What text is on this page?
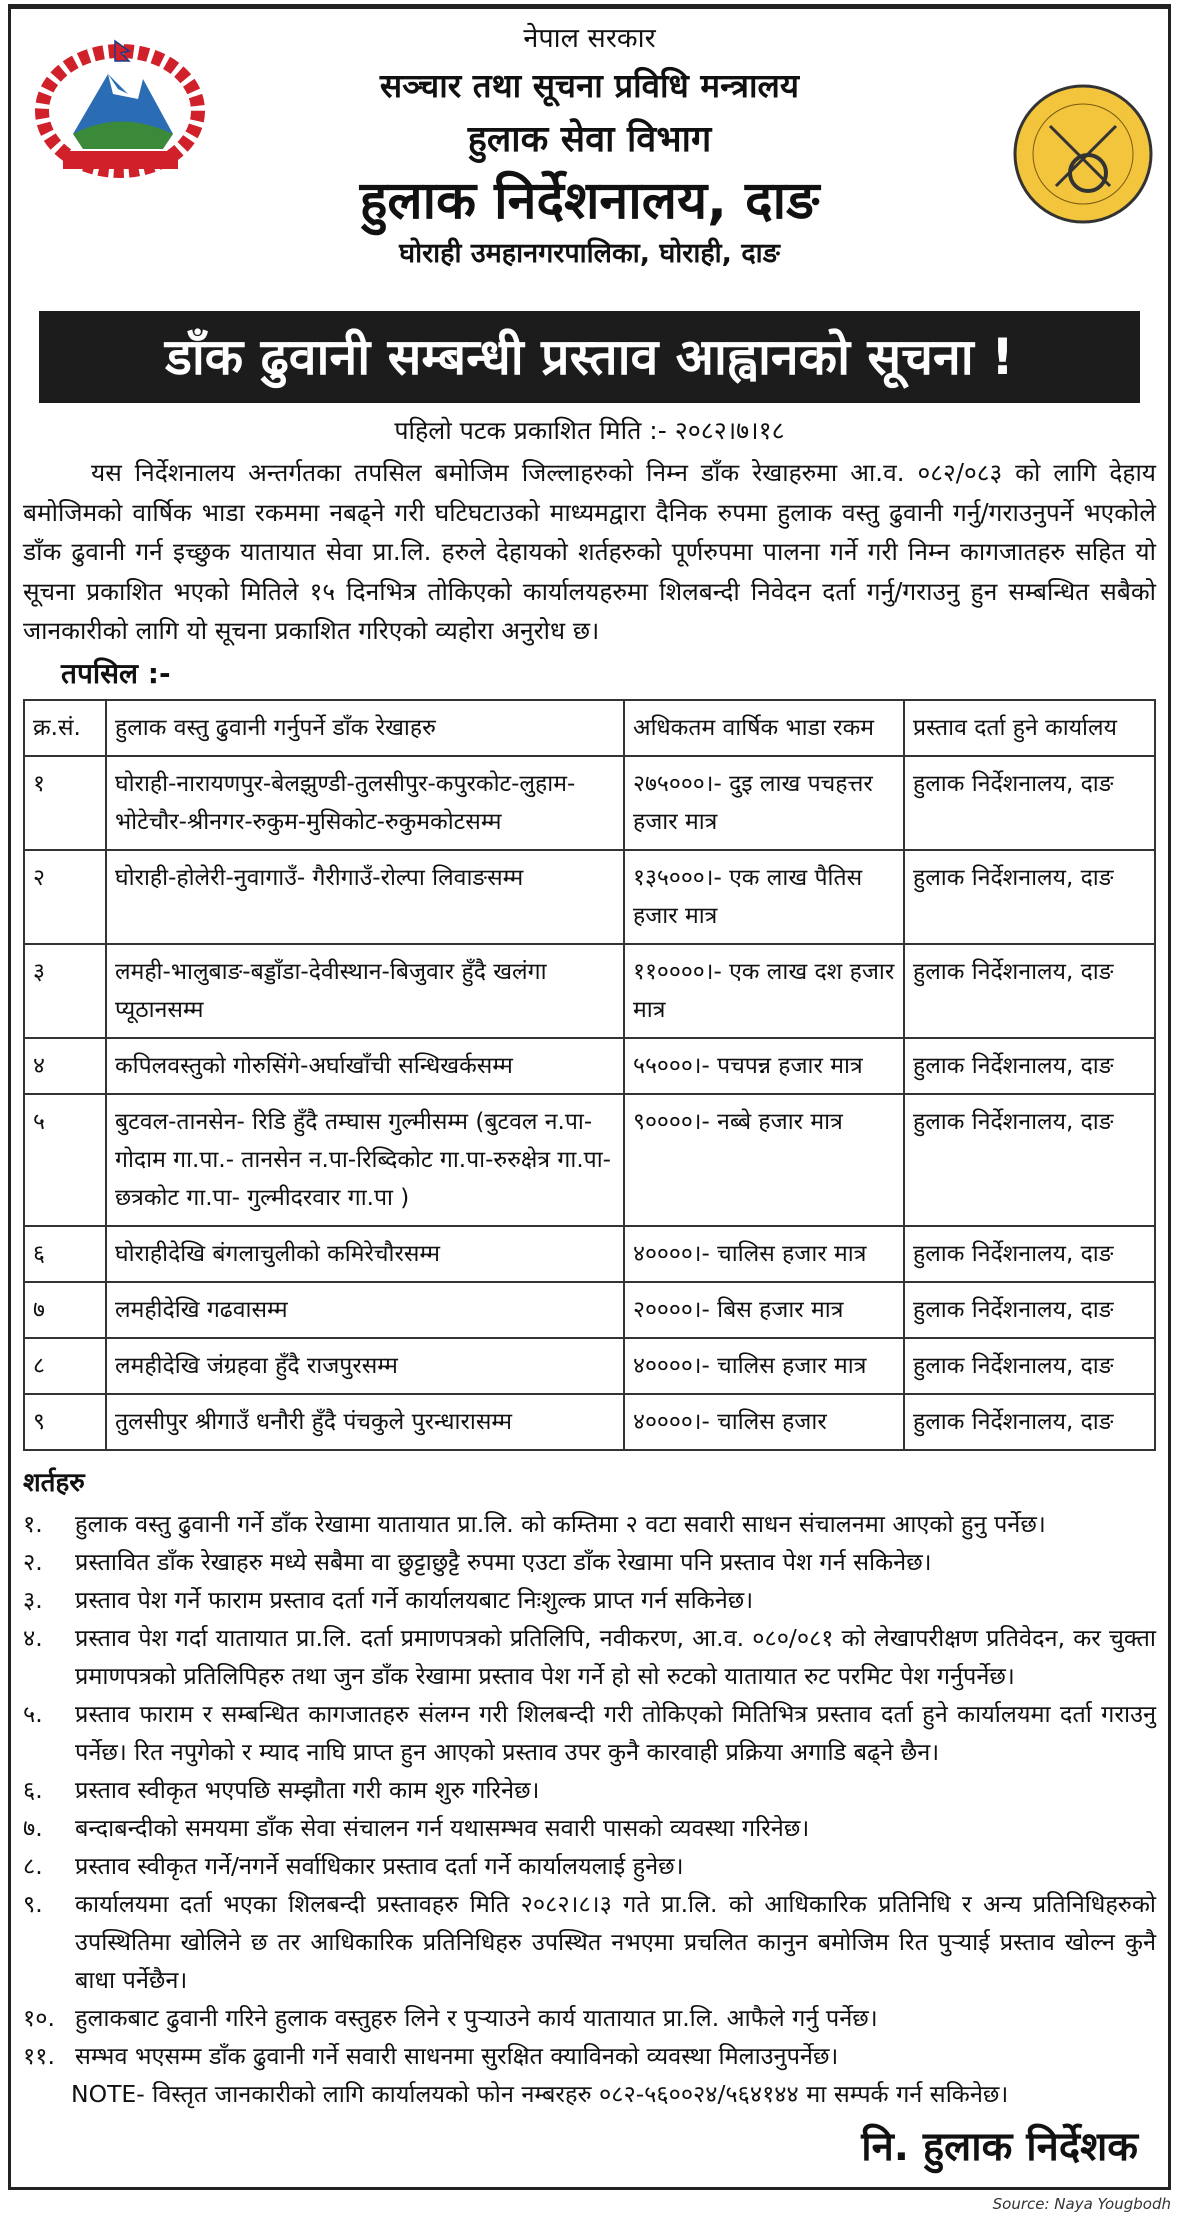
नेपाल सरकार
सञ्चार तथा सूचना प्रविधि मन्त्रालय
हुलाक सेवा विभाग
हुलाक निर्देशनालय, दाङ
घोराही उमहानगरपालिका, घोराही, दाङ
डाँक ढुवानी सम्बन्धी प्रस्ताव आह्वानको सूचना !
पहिलो पटक प्रकाशित मिति :- २०८२।७।१८
यस निर्देशनालय अन्तर्गतका तपसिल बमोजिम जिल्लाहरुको निम्न डाँक रेखाहरुमा आ.व. ०८२/०८३ को लागि देहाय बमोजिमको वार्षिक भाडा रकममा नबढ्ने गरी घटिघटाउको माध्यमद्वारा दैनिक रुपमा हुलाक वस्तु ढुवानी गर्नु/गराउनुपर्ने भएकोले डाँक ढुवानी गर्न इच्छुक यातायात सेवा प्रा.लि. हरुले देहायको शर्तहरुको पूर्णरुपमा पालना गर्ने गरी निम्न कागजातहरु सहित यो सूचना प्रकाशित भएको मितिले १५ दिनभित्र तोकिएको कार्यालयहरुमा शिलबन्दी निवेदन दर्ता गर्नु/गराउनु हुन सम्बन्धित सबैको जानकारीको लागि यो सूचना प्रकाशित गरिएको व्यहोरा अनुरोध छ।
तपसिल :-
क्र.सं.	हुलाक वस्तु ढुवानी गर्नुपर्ने डाँक रेखाहरु	अधिकतम वार्षिक भाडा रकम	प्रस्ताव दर्ता हुने कार्यालय
१	घोराही-नारायणपुर-बेलझुण्डी-तुलसीपुर-कपुरकोट-लुहाम-भोटेचौर-श्रीनगर-रुकुम-मुसिकोट-रुकुमकोटसम्म	२७५०००।- दुइ लाख पचहत्तर हजार मात्र	हुलाक निर्देशनालय, दाङ
२	घोराही-होलेरी-नुवागाउँ- गैरीगाउँ-रोल्पा लिवाङसम्म	१३५०००।- एक लाख पैतिस हजार मात्र	हुलाक निर्देशनालय, दाङ
३	लमही-भालुबाङ-बड्डाँडा-देवीस्थान-बिजुवार हुँदै खलंगा प्यूठानसम्म	११००००।- एक लाख दश हजार मात्र	हुलाक निर्देशनालय, दाङ
४	कपिलवस्तुको गोरुसिंगे-अर्घाखाँची सन्धिखर्कसम्म	५५०००।- पचपन्न हजार मात्र	हुलाक निर्देशनालय, दाङ
५	बुटवल-तानसेन- रिडि हुँदै तम्घास गुल्मीसम्म (बुटवल न.पा- गोदाम गा.पा.- तानसेन न.पा-रिब्दिकोट गा.पा-रुरुक्षेत्र गा.पा-छत्रकोट गा.पा- गुल्मीदरवार गा.पा )	९००००।- नब्बे हजार मात्र	हुलाक निर्देशनालय, दाङ
६	घोराहीदेखि बंगलाचुलीको कमिरेचौरसम्म	४००००।- चालिस हजार मात्र	हुलाक निर्देशनालय, दाङ
७	लमहीदेखि गढवासम्म	२००००।- बिस हजार मात्र	हुलाक निर्देशनालय, दाङ
८	लमहीदेखि जंग्रहवा हुँदै राजपुरसम्म	४००००।- चालिस हजार मात्र	हुलाक निर्देशनालय, दाङ
९	तुलसीपुर श्रीगाउँ धनौरी हुँदै पंचकुले पुरन्धारासम्म	४००००।- चालिस हजार	हुलाक निर्देशनालय, दाङ
शर्तहरु
१.	हुलाक वस्तु ढुवानी गर्ने डाँक रेखामा यातायात प्रा.लि. को कम्तिमा २ वटा सवारी साधन संचालनमा आएको हुनु पर्नेछ।
२.	प्रस्तावित डाँक रेखाहरु मध्ये सबैमा वा छुट्टाछुट्टै रुपमा एउटा डाँक रेखामा पनि प्रस्ताव पेश गर्न सकिनेछ।
३.	प्रस्ताव पेश गर्ने फाराम प्रस्ताव दर्ता गर्ने कार्यालयबाट निःशुल्क प्राप्त गर्न सकिनेछ।
४.	प्रस्ताव पेश गर्दा यातायात प्रा.लि. दर्ता प्रमाणपत्रको प्रतिलिपि, नवीकरण, आ.व. ०८०/०८१ को लेखापरीक्षण प्रतिवेदन, कर चुक्ता प्रमाणपत्रको प्रतिलिपिहरु तथा जुन डाँक रेखामा प्रस्ताव पेश गर्ने हो सो रुटको यातायात रुट परमिट पेश गर्नुपर्नेछ।
५.	प्रस्ताव फाराम र सम्बन्धित कागजातहरु संलग्न गरी शिलबन्दी गरी तोकिएको मितिभित्र प्रस्ताव दर्ता हुने कार्यालयमा दर्ता गराउनु पर्नेछ। रित नपुगेको र म्याद नाघि प्राप्त हुन आएको प्रस्ताव उपर कुनै कारवाही प्रक्रिया अगाडि बढ्ने छैन।
६.	प्रस्ताव स्वीकृत भएपछि सम्झौता गरी काम शुरु गरिनेछ।
७.	बन्दाबन्दीको समयमा डाँक सेवा संचालन गर्न यथासम्भव सवारी पासको व्यवस्था गरिनेछ।
८.	प्रस्ताव स्वीकृत गर्ने/नगर्ने सर्वाधिकार प्रस्ताव दर्ता गर्ने कार्यालयलाई हुनेछ।
९.	कार्यालयमा दर्ता भएका शिलबन्दी प्रस्तावहरु मिति २०८२।८।३ गते प्रा.लि. को आधिकारिक प्रतिनिधि र अन्य प्रतिनिधिहरुको उपस्थितिमा खोलिने छ तर आधिकारिक प्रतिनिधिहरु उपस्थित नभएमा प्रचलित कानुन बमोजिम रित पुऱ्याई प्रस्ताव खोल्न कुनै बाधा पर्नेछैन।
१०. हुलाकबाट ढुवानी गरिने हुलाक वस्तुहरु लिने र पुऱ्याउने कार्य यातायात प्रा.लि. आफैले गर्नु पर्नेछ।
११. सम्भव भएसम्म डाँक ढुवानी गर्ने सवारी साधनमा सुरक्षित क्याविनको व्यवस्था मिलाउनुपर्नेछ।
NOTE- विस्तृत जानकारीको लागि कार्यालयको फोन नम्बरहरु ०८२-५६००२४/५६४१४४ मा सम्पर्क गर्न सकिनेछ।
नि. हुलाक निर्देशक
Source: Naya Yougbodh
